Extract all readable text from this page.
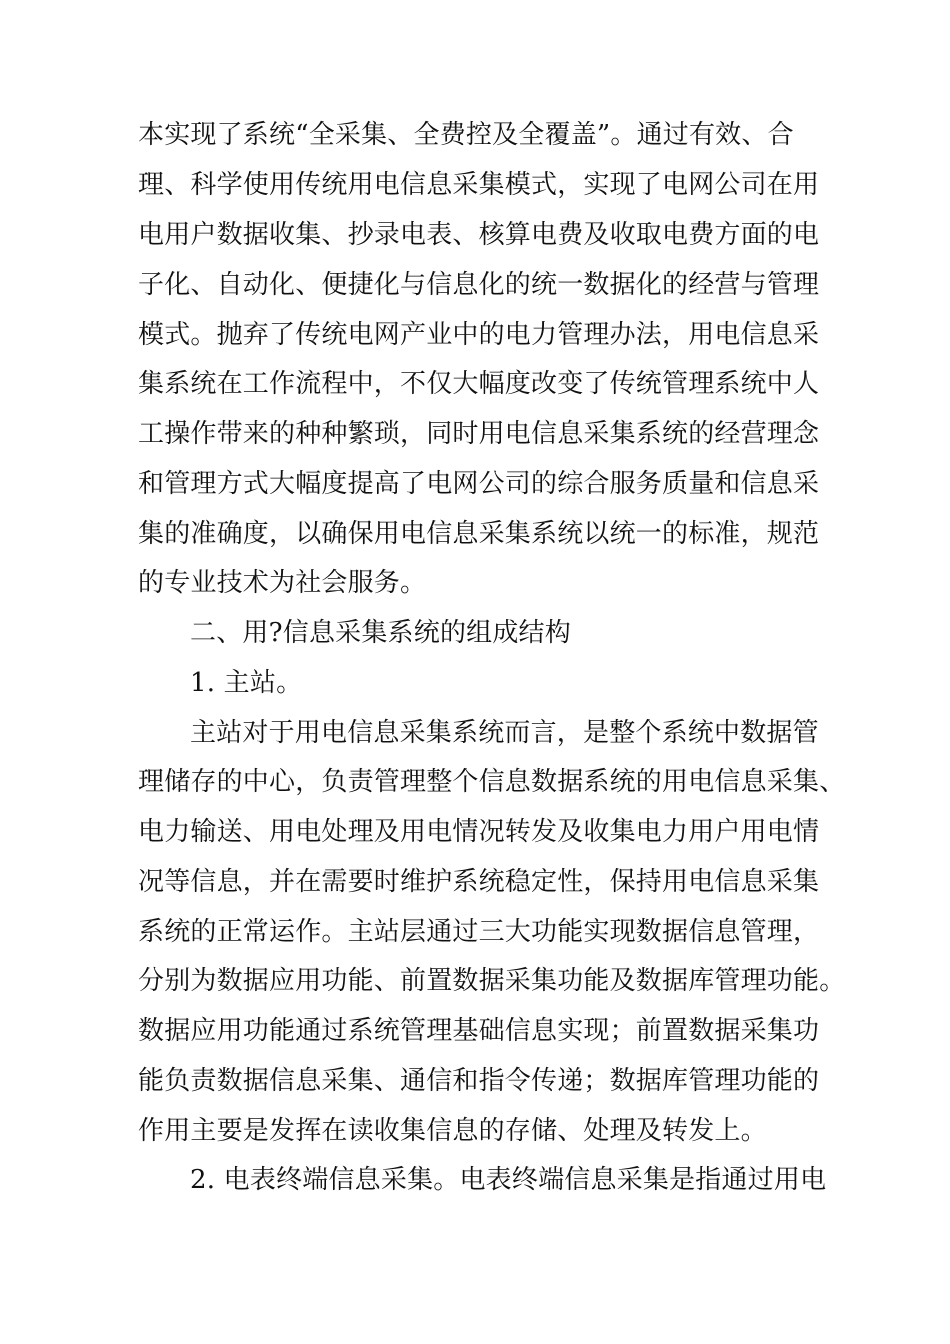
本实现了系统“全采集、全费控及全覆盖”。通过有效、合
理、科学使用传统用电信息采集模式，实现了电网公司在用
电用户数据收集、抄录电表、核算电费及收取电费方面的电
子化、自动化、便捷化与信息化的统一数据化的经营与管理
模式。抛弃了传统电网产业中的电力管理办法，用电信息采
集系统在工作流程中，不仅大幅度改变了传统管理系统中人
工操作带来的种种繁琐，同时用电信息采集系统的经营理念
和管理方式大幅度提高了电网公司的综合服务质量和信息采
集的准确度，以确保用电信息采集系统以统一的标准，规范
的专业技术为社会服务。
二、用?信息采集系统的组成结构
1. 主站。
主站对于用电信息采集系统而言，是整个系统中数据管
理储存的中心，负责管理整个信息数据系统的用电信息采集、
电力输送、用电处理及用电情况转发及收集电力用户用电情
况等信息，并在需要时维护系统稳定性，保持用电信息采集
系统的正常运作。主站层通过三大功能实现数据信息管理，
分别为数据应用功能、前置数据采集功能及数据库管理功能。
数据应用功能通过系统管理基础信息实现；前置数据采集功
能负责数据信息采集、通信和指令传递；数据库管理功能的
作用主要是发挥在读收集信息的存储、处理及转发上。
2. 电表终端信息采集。电表终端信息采集是指通过用电
